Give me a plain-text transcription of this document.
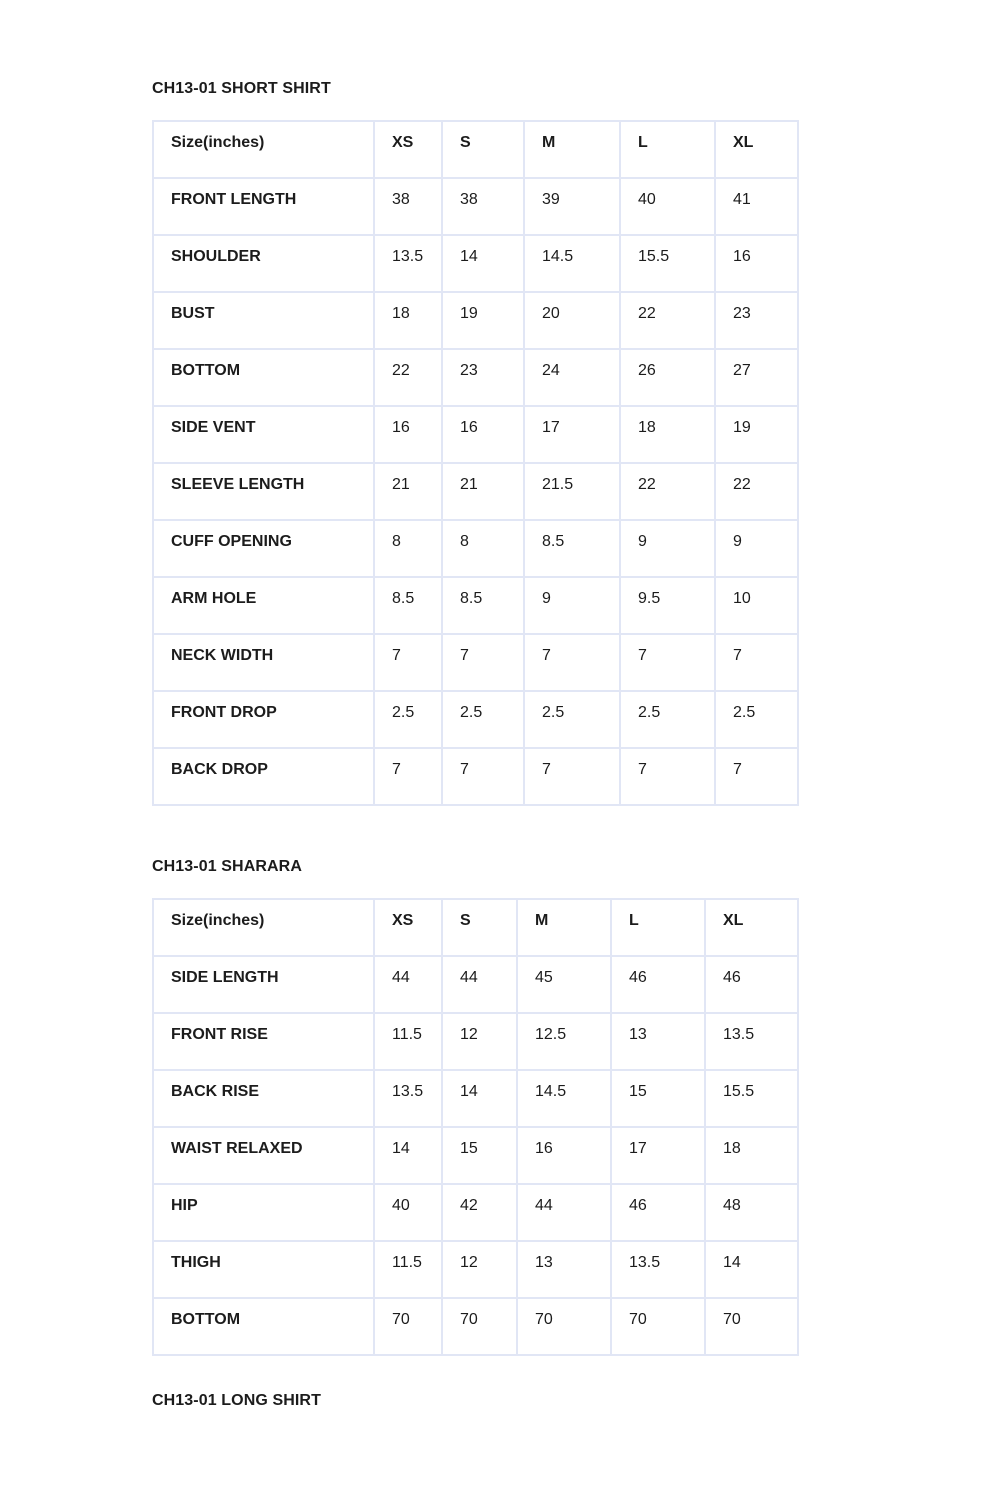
CH13-01 SHORT SHIRT
Size(inches)	XS	S	M	L	XL

FRONT LENGTH	38	38	39	40	41

SHOULDER	13.5	14	14.5	15.5	16

BUST	18	19	20	22	23

BOTTOM	22	23	24	26	27

SIDE VENT	16	16	17	18	19

SLEEVE LENGTH	21	21	21.5	22	22

CUFF OPENING	8	8	8.5	9	9

ARM HOLE	8.5	8.5	9	9.5	10

NECK WIDTH	7	7	7	7	7

FRONT DROP	2.5	2.5	2.5	2.5	2.5

BACK DROP	7	7	7	7	7
CH13-01 SHARARA
Size(inches)	XS	S	M	L	XL

SIDE LENGTH	44	44	45	46	46

FRONT RISE	11.5	12	12.5	13	13.5

BACK RISE	13.5	14	14.5	15	15.5

WAIST RELAXED	14	15	16	17	18

HIP	40	42	44	46	48

THIGH	11.5	12	13	13.5	14

BOTTOM	70	70	70	70	70
CH13-01 LONG SHIRT
